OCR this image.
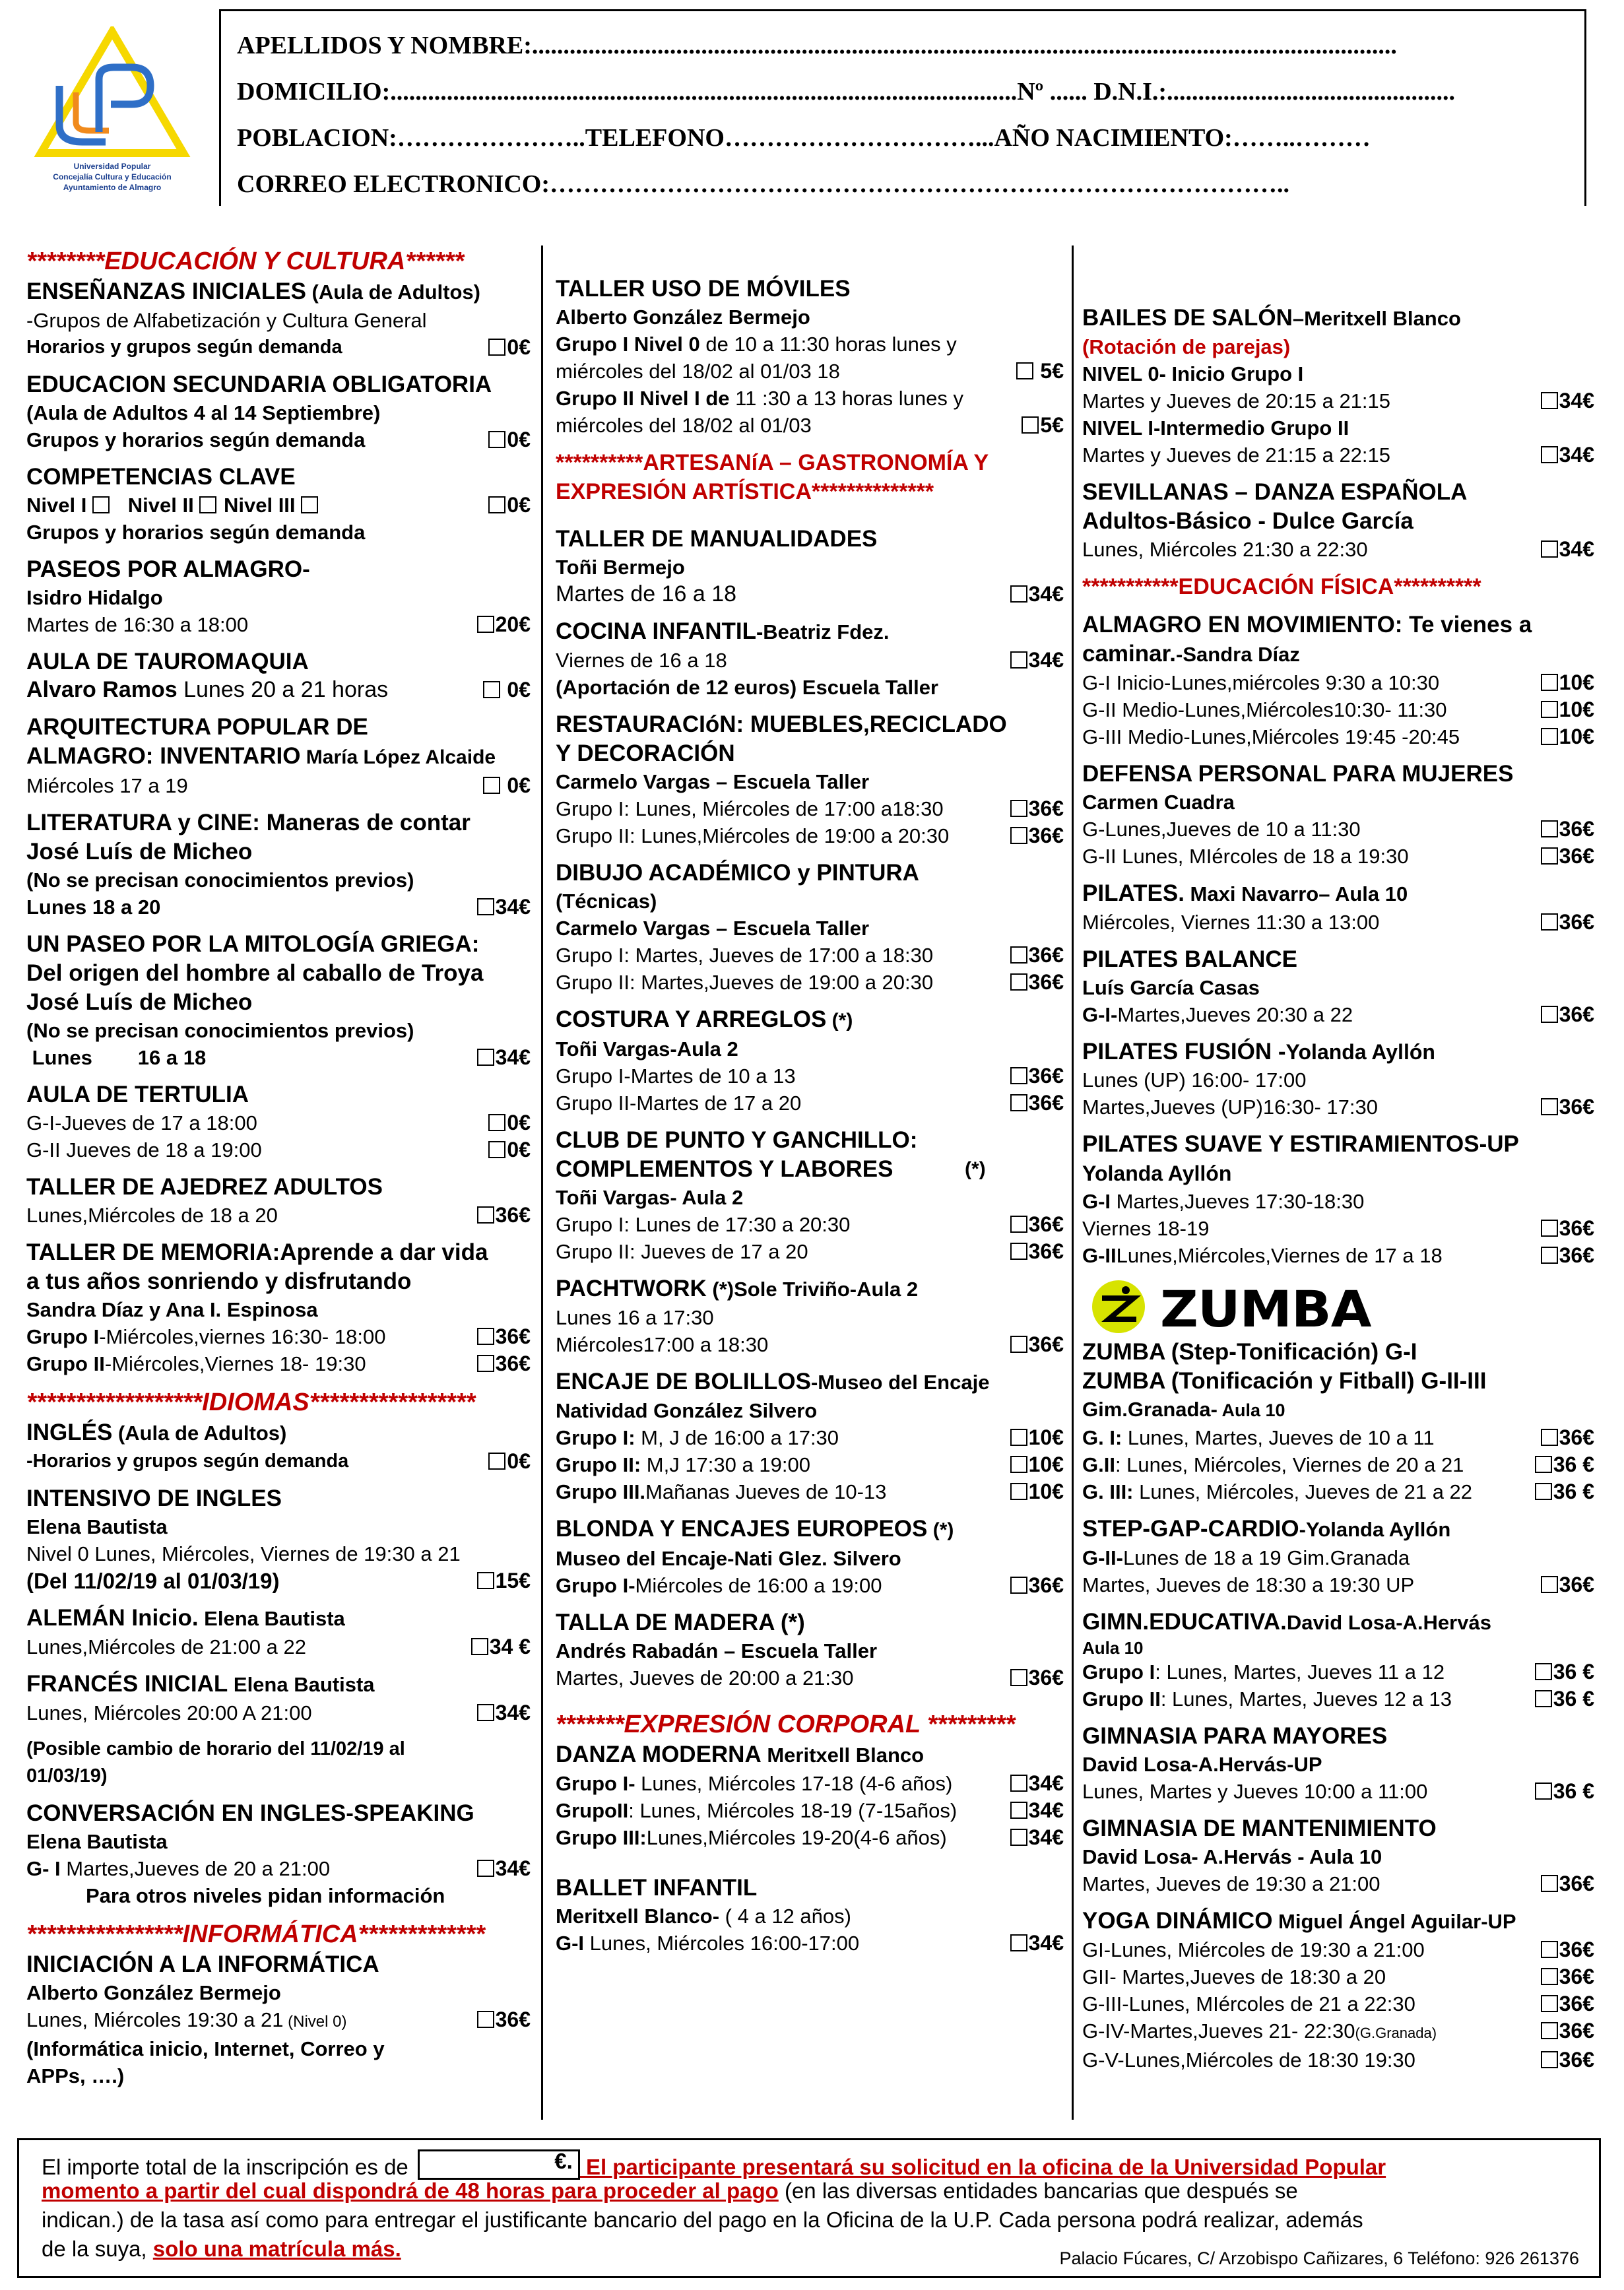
Universidad Popular
Concejalía Cultura y Educación
Ayuntamiento de Almagro
APELLIDOS Y NOMBRE:..........................................................................................................................................
DOMICILIO:....................................................................................................Nº ...... D.N.I.:..............................................
POBLACION:…………………..TELEFONO…………………………...AÑO NACIMIENTO:……..………
CORREO ELECTRONICO:……………………………………………………………………………..
********EDUCACIÓN Y CULTURA******
ENSEÑANZAS INICIALES (Aula de Adultos)
-Grupos de Alfabetización y Cultura General
Horarios y grupos según demanda	0€
EDUCACION SECUNDARIA OBLIGATORIA
(Aula de Adultos 4 al 14 Septiembre)
Grupos y horarios según demanda	0€
COMPETENCIAS CLAVE
Nivel I Nivel II Nivel III	0€
Grupos y horarios según demanda
PASEOS POR ALMAGRO-
Isidro Hidalgo
Martes de 16:30 a 18:00	20€
AULA DE TAUROMAQUIA
Alvaro Ramos Lunes 20 a 21 horas	0€
ARQUITECTURA POPULAR DE
ALMAGRO: INVENTARIO María López Alcaide
Miércoles 17 a 19	0€
LITERATURA y CINE: Maneras de contar
José Luís de Micheo
(No se precisan conocimientos previos)
Lunes 18 a 20	34€
UN PASEO POR LA MITOLOGÍA GRIEGA:
Del origen del hombre al caballo de Troya
José Luís de Micheo
(No se precisan conocimientos previos)
Lunes        16 a 18	34€
AULA DE TERTULIA
G-I-Jueves de 17 a 18:00	0€
G-II Jueves de 18 a 19:00	0€
TALLER DE AJEDREZ ADULTOS
Lunes,Miércoles de 18 a 20	36€
TALLER DE MEMORIA:Aprende a dar vida
a tus años sonriendo y disfrutando
Sandra Díaz y Ana I. Espinosa
Grupo I-Miércoles,viernes 16:30- 18:00	36€
Grupo II-Miércoles,Viernes 18- 19:30	36€
******************IDIOMAS*****************
INGLÉS (Aula de Adultos)
-Horarios y grupos según demanda	0€
INTENSIVO DE INGLES
Elena Bautista
Nivel 0 Lunes, Miércoles, Viernes de 19:30 a 21
(Del 11/02/19 al 01/03/19)	15€
ALEMÁN Inicio. Elena Bautista
Lunes,Miércoles de 21:00 a 22	34 €
FRANCÉS INICIAL Elena Bautista
Lunes, Miércoles 20:00 A 21:00	34€
(Posible cambio de horario del 11/02/19 al
01/03/19)
CONVERSACIÓN EN INGLES-SPEAKING
Elena Bautista
G- I Martes,Jueves de 20 a 21:00	34€
Para otros niveles pidan información
****************INFORMÁTICA*************
INICIACIÓN A LA INFORMÁTICA
Alberto González Bermejo
Lunes, Miércoles 19:30 a 21 (Nivel 0)	36€
(Informática inicio, Internet, Correo y
APPs, ….)
TALLER USO DE MÓVILES
Alberto González Bermejo
Grupo I Nivel 0 de 10 a 11:30 horas lunes y
miércoles del 18/02 al 01/03 18	5€
Grupo II Nivel I de 11 :30 a 13 horas lunes y
miércoles del 18/02 al 01/03	5€
**********ARTESANíA – GASTRONOMÍA Y
EXPRESIÓN ARTÍSTICA**************
TALLER DE MANUALIDADES
Toñi Bermejo
Martes de 16 a 18	34€
COCINA INFANTIL-Beatriz Fdez.
Viernes de 16 a 18	34€
(Aportación de 12 euros) Escuela Taller
RESTAURACIóN: MUEBLES,RECICLADO
Y DECORACIÓN
Carmelo Vargas – Escuela Taller
Grupo I: Lunes, Miércoles de 17:00 a18:30	36€
Grupo II: Lunes,Miércoles de 19:00 a 20:30	36€
DIBUJO ACADÉMICO y PINTURA
(Técnicas)
Carmelo Vargas – Escuela Taller
Grupo I: Martes, Jueves de 17:00 a 18:30	36€
Grupo II: Martes,Jueves de 19:00 a 20:30	36€
COSTURA Y ARREGLOS (*)
Toñi Vargas-Aula 2
Grupo I-Martes de 10 a 13	36€
Grupo II-Martes de 17 a 20	36€
CLUB DE PUNTO Y GANCHILLO:
COMPLEMENTOS Y LABORES	(*)
Toñi Vargas- Aula 2
Grupo I: Lunes de 17:30 a 20:30	36€
Grupo II: Jueves de 17 a 20	36€
PACHTWORK (*)Sole Triviño-Aula 2
Lunes 16 a 17:30
Miércoles17:00 a 18:30	36€
ENCAJE DE BOLILLOS-Museo del Encaje
Natividad González Silvero
Grupo I: M, J de 16:00 a 17:30	10€
Grupo II: M,J 17:30 a 19:00	10€
Grupo III.Mañanas Jueves de 10-13	10€
BLONDA Y ENCAJES EUROPEOS (*)
Museo del Encaje-Nati Glez. Silvero
Grupo I-Miércoles de 16:00 a 19:00	36€
TALLA DE MADERA (*)
Andrés Rabadán – Escuela Taller
Martes, Jueves de 20:00 a 21:30	36€
*******EXPRESIÓN CORPORAL *********
DANZA MODERNA Meritxell Blanco
Grupo I- Lunes, Miércoles 17-18 (4-6 años)	34€
GrupoII: Lunes, Miércoles 18-19 (7-15años)	34€
Grupo III:Lunes,Miércoles 19-20(4-6 años)	34€
BALLET INFANTIL
Meritxell Blanco- ( 4 a 12 años)
G-I Lunes, Miércoles 16:00-17:00	34€
BAILES DE SALÓN–Meritxell Blanco
(Rotación de parejas)
NIVEL 0- Inicio Grupo I
Martes y Jueves de 20:15 a 21:15	34€
NIVEL I-Intermedio Grupo II
Martes y Jueves de 21:15 a 22:15	34€
SEVILLANAS – DANZA ESPAÑOLA
Adultos-Básico - Dulce García
Lunes, Miércoles 21:30 a 22:30	34€
***********EDUCACIÓN FÍSICA**********
ALMAGRO EN MOVIMIENTO: Te vienes a
caminar.-Sandra Díaz
G-I Inicio-Lunes,miércoles 9:30 a 10:30	10€
G-II Medio-Lunes,Miércoles10:30- 11:30	10€
G-III Medio-Lunes,Miércoles 19:45 -20:45	10€
DEFENSA PERSONAL PARA MUJERES
Carmen Cuadra
G-Lunes,Jueves de 10 a 11:30	36€
G-II Lunes, MIércoles de 18 a 19:30	36€
PILATES. Maxi Navarro– Aula 10
Miércoles, Viernes 11:30 a 13:00	36€
PILATES BALANCE
Luís García Casas
G-I-Martes,Jueves 20:30 a 22	36€
PILATES FUSIÓN -Yolanda Ayllón
Lunes (UP) 16:00- 17:00
Martes,Jueves (UP)16:30- 17:30	36€
PILATES SUAVE Y ESTIRAMIENTOS-UP
Yolanda Ayllón
G-I Martes,Jueves 17:30-18:30
Viernes 18-19	36€
G-IILunes,Miércoles,Viernes de 17 a 18	36€
ZUMBA
ZUMBA (Step-Tonificación) G-I
ZUMBA (Tonificación y Fitball) G-II-III
Gim.Granada- Aula 10
G. I: Lunes, Martes, Jueves de 10 a 11	36€
G.II: Lunes, Miércoles, Viernes de 20 a 21	36 €
G. III: Lunes, Miércoles, Jueves de 21 a 22	36 €
STEP-GAP-CARDIO-Yolanda Ayllón
G-II-Lunes de 18 a 19 Gim.Granada
Martes, Jueves de 18:30 a 19:30 UP	36€
GIMN.EDUCATIVA.David Losa-A.Hervás
Aula 10
Grupo I: Lunes, Martes, Jueves 11 a 12	36 €
Grupo II: Lunes, Martes, Jueves 12 a 13	36 €
GIMNASIA PARA MAYORES
David Losa-A.Hervás-UP
Lunes, Martes y Jueves 10:00 a 11:00	36 €
GIMNASIA DE MANTENIMIENTO
David Losa- A.Hervás - Aula 10
Martes, Jueves de 19:30 a 21:00	36€
YOGA DINÁMICO Miguel Ángel Aguilar-UP
GI-Lunes, Miércoles de 19:30 a 21:00	36€
GII- Martes,Jueves de 18:30 a 20	36€
G-III-Lunes, MIércoles de 21 a 22:30	36€
G-IV-Martes,Jueves 21- 22:30(G.Granada)	36€
G-V-Lunes,Miércoles de 18:30 19:30	36€
El importe total de la inscripción es de	€. El participante presentará su solicitud en la oficina de la Universidad Popular
momento a partir del cual dispondrá de 48 horas para proceder al pago (en las diversas entidades bancarias que después se
indican.) de la tasa así como para entregar el justificante bancario del pago en la Oficina de la U.P. Cada persona podrá realizar, además
de la suya, solo una matrícula más.	Palacio Fúcares, C/ Arzobispo Cañizares, 6 Teléfono: 926 261376
